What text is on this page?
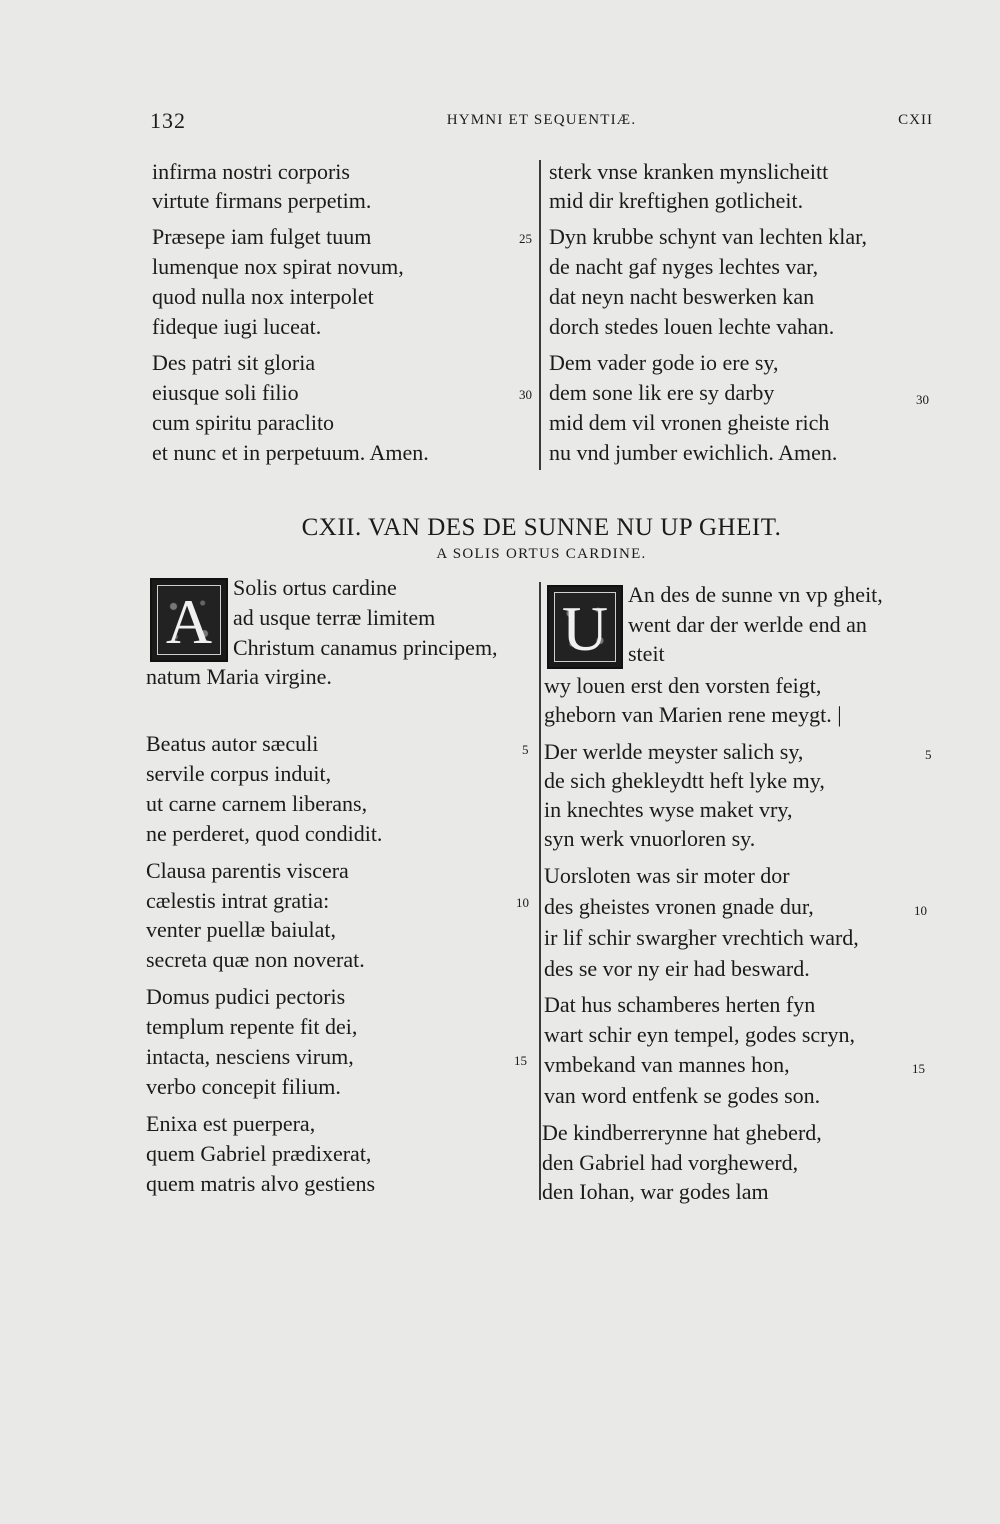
132	HYMNI ET SEQUENTIÆ.	CXII
infirma nostri corporis
virtute firmans perpetim.
Præsepe iam fulget tuum
lumenque nox spirat novum,
quod nulla nox interpolet
fideque iugi luceat.
Des patri sit gloria
eiusque soli filio
cum spiritu paraclito
et nunc et in perpetuum. Amen.
25
30
sterk vnse kranken mynslicheitt
mid dir kreftighen gotlicheit.
Dyn krubbe schynt van lechten klar,
de nacht gaf nyges lechtes var,
dat neyn nacht beswerken kan
dorch stedes louen lechte vahan.
Dem vader gode io ere sy,
dem sone lik ere sy darby
mid dem vil vronen gheiste rich
nu vnd jumber ewichlich. Amen.
30
CXII. VAN DES DE SUNNE NU UP GHEIT.
A SOLIS ORTUS CARDINE.
A Solis ortus cardine
ad usque terræ limitem
Christum canamus principem,
natum Maria virgine.
Beatus autor sæculi
servile corpus induit,
ut carne carnem liberans,
ne perderet, quod condidit.
Clausa parentis viscera
cælestis intrat gratia:
venter puellæ baiulat,
secreta quæ non noverat.
Domus pudici pectoris
templum repente fit dei,
intacta, nesciens virum,
verbo concepit filium.
Enixa est puerpera,
quem Gabriel prædixerat,
quem matris alvo gestiens
5
10
15
U An des de sunne vn vp gheit,
went dar der werlde end an
steit
wy louen erst den vorsten feigt,
gheborn van Marien rene meygt. |
Der werlde meyster salich sy,
de sich ghekleydtt heft lyke my,
in knechtes wyse maket vry,
syn werk vnuorloren sy.
Uorsloten was sir moter dor
des gheistes vronen gnade dur,
ir lif schir swargher vrechtich ward,
des se vor ny eir had besward.
Dat hus schamberes herten fyn
wart schir eyn tempel, godes scryn,
vmbekand van mannes hon,
van word entfenk se godes son.
De kindberrerynne hat gheberd,
den Gabriel had vorghewerd,
den Iohan, war godes lam
5
10
15
